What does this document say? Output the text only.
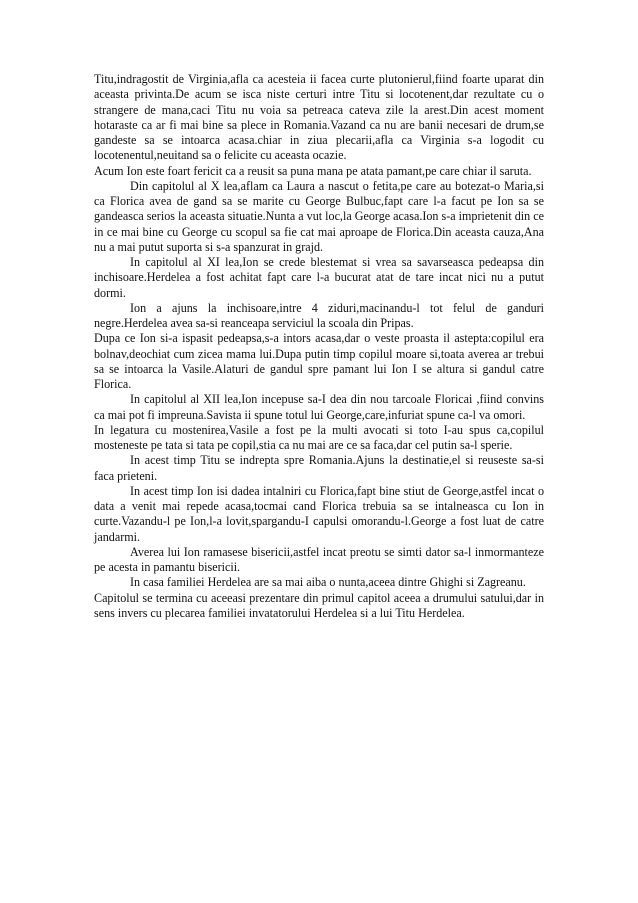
Titu,indragostit de Virginia,afla ca acesteia ii facea curte plutonierul,fiind foarte uparat din aceasta privinta.De acum se isca niste certuri intre Titu si locotenent,dar rezultate cu o strangere de mana,caci Titu nu voia sa petreaca cateva zile la arest.Din acest moment hotaraste ca ar fi mai bine sa plece in Romania.Vazand ca nu are banii necesari de drum,se gandeste sa se intoarca acasa.chiar in ziua plecarii,afla ca Virginia s-a logodit cu locotenentul,neuitand sa o felicite cu aceasta ocazie.

Acum Ion este foart fericit ca a reusit sa puna mana pe atata pamant,pe care chiar il saruta.

Din capitolul al X lea,aflam ca Laura a nascut o fetita,pe care au botezat-o Maria,si ca Florica avea de gand sa se marite cu George Bulbuc,fapt care l-a facut pe Ion sa se gandeasca serios la aceasta situatie.Nunta a vut loc,la George acasa.Ion s-a imprietenit din ce in ce mai bine cu George cu scopul sa fie cat mai aproape de Florica.Din aceasta cauza,Ana nu a mai putut suporta si s-a spanzurat in grajd.

In capitolul al XI lea,Ion se crede blestemat si vrea sa savarseasca pedeapsa din inchisoare.Herdelea a fost achitat fapt care l-a bucurat atat de tare incat nici nu a putut dormi.

Ion a ajuns la inchisoare,intre 4 ziduri,macinandu-l tot felul de ganduri negre.Herdelea avea sa-si reanceapa serviciul la scoala din Pripas.

Dupa ce Ion si-a ispasit pedeapsa,s-a intors acasa,dar o veste proasta il astepta:copilul era bolnav,deochiat cum zicea mama lui.Dupa putin timp copilul moare si,toata averea ar trebui sa se intoarca la Vasile.Alaturi de gandul spre pamant lui Ion I se altura si gandul catre Florica.

In capitolul al XII lea,Ion incepuse sa-I dea din nou tarcoale Floricai ,fiind convins ca mai pot fi impreuna.Savista ii spune totul lui George,care,infuriat spune ca-l va omori.

In legatura cu mostenirea,Vasile a fost pe la multi avocati si toto I-au spus ca,copilul mosteneste pe tata si tata pe copil,stia ca nu mai are ce sa faca,dar cel putin sa-l sperie.

In acest timp Titu se indrepta spre Romania.Ajuns la destinatie,el si reuseste sa-si faca prieteni.

In acest timp Ion isi dadea intalniri cu Florica,fapt bine stiut de George,astfel incat o data a venit mai repede acasa,tocmai cand Florica trebuia sa se intalneasca cu Ion in curte.Vazandu-l pe Ion,l-a lovit,spargandu-I capulsi omorandu-l.George a fost luat de catre jandarmi.

Averea lui Ion ramasese bisericii,astfel incat preotu se simti dator sa-l inmormanteze pe acesta in pamantu bisericii.

In casa familiei Herdelea are sa mai aiba o nunta,aceea dintre Ghighi si Zagreanu.

Capitolul se termina cu aceeasi prezentare din primul capitol aceea a drumului satului,dar in sens invers cu plecarea familiei invatatorului Herdelea si a lui Titu Herdelea.
